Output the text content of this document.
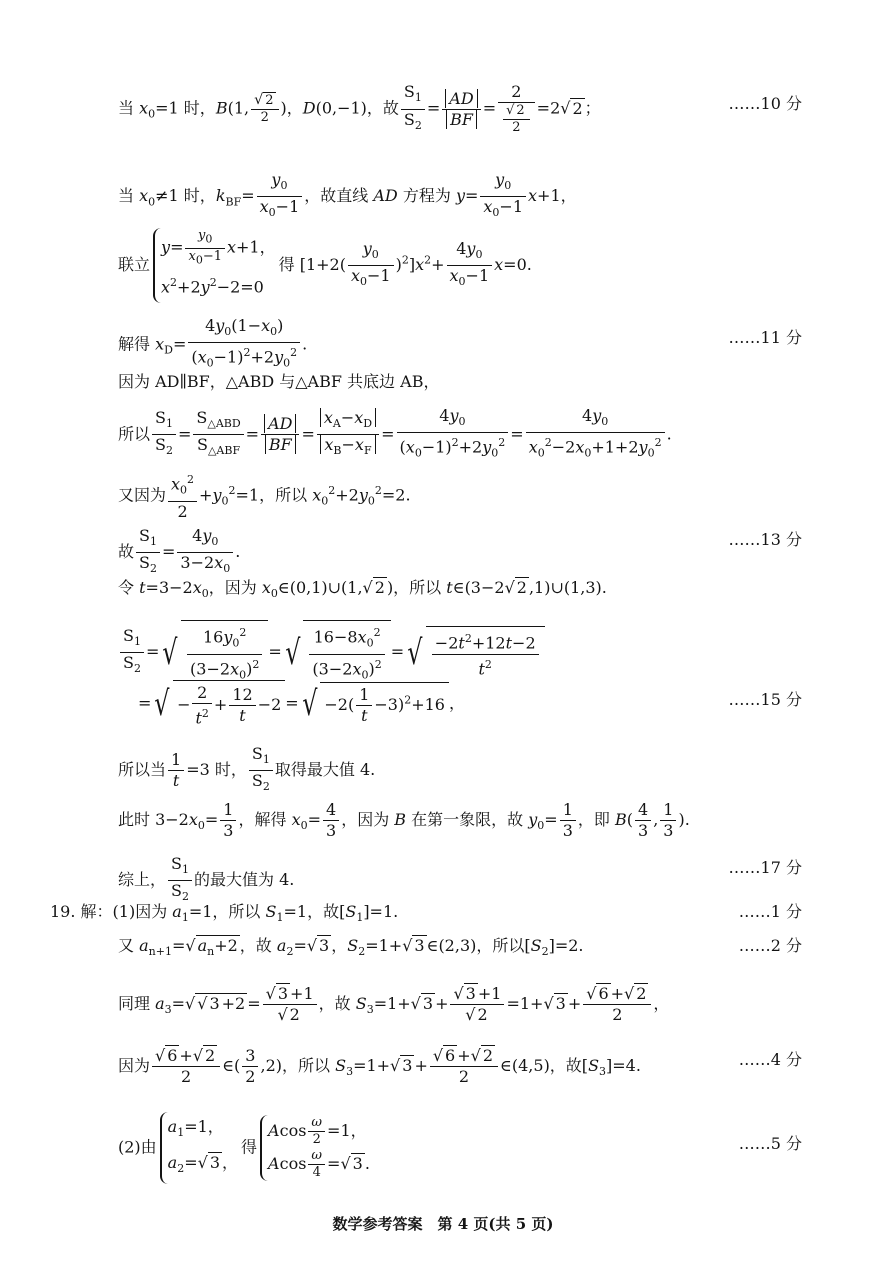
当 $x_0=1$ 时，B(1, $\frac{√ 2}{2}$ )，D(0,−1)，故 $\frac{S_1}{S_2} = \frac{AD}{BF} = \frac{2}{\frac{√ 2}{2}} =2√$ 2 ；	……10 分
当 $x_0\ne 1$ 时，$k_{BF}= \frac{y_0}{x_0-1}$ ，故直线 AD 方程为 $y= \frac{y_0}{x_0-1} x+1$，
联立
$y= \frac{y_0}{x_0-1} x+1$，
$x^2+2y^2-2=0$
得 $[1+2( \frac{y_0}{x_0-1} )^2]x^2+ \frac{4y_0}{x_0-1} x=0$.
解得 $x_D= \frac{4y_0(1-x_0)}{(x_0-1)^2+2y_0^2}$ .	……11 分
因为 AD∥BF，△ABD 与△ABF 共底边 AB，
所以 $\frac{S_1}{S_2} = \frac{S_{\triangle ABD}}{S_{\triangle ABF}} = \frac{AD}{BF} = \frac{x_A-x_D}{x_B-x_F} = \frac{4y_0}{(x_0-1)^2+2y_0^2} = \frac{4y_0}{x_0^2-2x_0+1+2y_0^2}$ .
又因为 $\frac{x_0^2}{2} +y_0^2=1$，所以 $x_0^2+2y_0^2=2$.
故 $\frac{S_1}{S_2} = \frac{4y_0}{3-2x_0}$ .
……13 分
令 $t=3-2x_0$，因为 $x_0\in(0,1)\cup(1,√$ 2 )，所以 t∈(3−2√ 2 ,1)∪(1,3).
$\frac{S_1}{S_2}$ =√ $\frac{16y_0^2}{(3-2x_0)^2}$ =√ $\frac{16-8x_0^2}{(3-2x_0)^2}$ =√ $\frac{-2t^2+12t-2}{t^2}$
=√ − $\frac{2}{t^2} + \frac{12}{t} -2$ =√ $-2( \frac{1}{t} -3)^2+16$ ，	……15 分
所以当 $\frac{1}{t} =3$ 时， $\frac{S_1}{S_2}$ 取得最大值 4.
此时 $3-2x_0= \frac{1}{3}$ ，解得 $x_0= \frac{4}{3}$ ，因为 B 在第一象限，故 $y_0= \frac{1}{3}$ ，即 $B( \frac{4}{3}$ , $\frac{1}{3}$ ).
综上， $\frac{S_1}{S_2}$ 的最大值为 4.
……17 分
19. 解：(1)因为 $a_1=1$，所以 $S_1=1$，故$[S_1]=1$.	……1 分
又 $a_{n+1}=√$ $a_n+2$ ，故 $a_2=√$ 3 ，$S_2=1+√$ 3 ∈(2,3)，所以$[S_2]=2$.	……2 分
同理 $a_3=√$ √ $3 +2 = \frac{√ 3 +1}{√ 2}$ ，故 $S_3=1+√$ $3 + \frac{√ 3 +1}{√ 2} =1+√$ $3 + \frac{√ 6 +√ 2}{2}$ ，
因为 $\frac{√ 6 +√ 2}{2}$ ∈( $\frac{3}{2} ,2$)，所以 $S_3=1+√$ $3 + \frac{√ 6 +√ 2}{2}$ ∈(4,5)，故$[S_3]=4$.	……4 分
(2)由
$a_1=1$，
$a_2=√$ 3 ，
得
Acos $\frac{\omega}{2} =1$，
Acos $\frac{\omega}{4}$ =√ 3 .
……5 分
数学参考答案　第 4 页(共 5 页)
